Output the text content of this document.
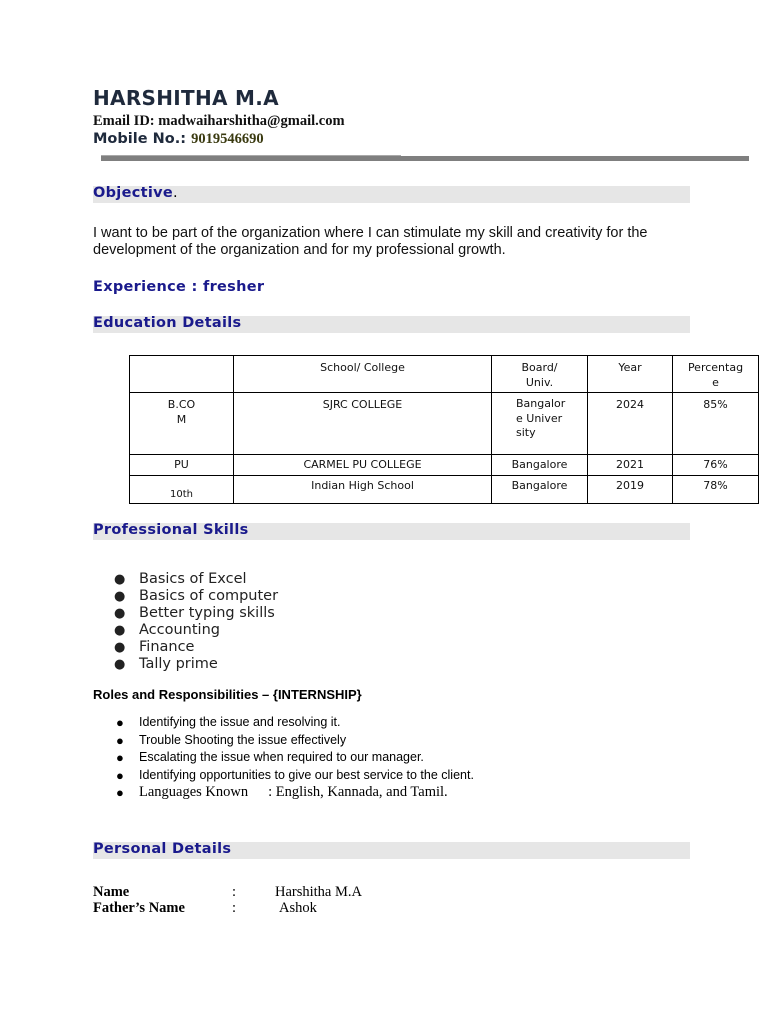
HARSHITHA M.A
Email ID: madwaiharshitha@gmail.com
Mobile No.: 9019546690
Objective.
I want to be part of the organization where I can stimulate my skill and creativity for the development of the organization and for my professional growth.
Experience : fresher
Education Details
	School/ College	Board/ Univ.	Year	Percentage
B.COM	SJRC COLLEGE	Bangalore University	2024	85%
PU	CARMEL PU COLLEGE	Bangalore	2021	76%
10th	Indian High School	Bangalore	2019	78%
Professional Skills
● Basics of Excel
● Basics of computer
● Better typing skills
● Accounting
● Finance
● Tally prime
Roles and Responsibilities – {INTERNSHIP}
● Identifying the issue and resolving it.
● Trouble Shooting the issue effectively
● Escalating the issue when required to our manager.
● Identifying opportunities to give our best service to the client.
● Languages Known : English, Kannada, and Tamil.
Personal Details
Name	:	Harshitha M.A
Father’s Name	:	Ashok
